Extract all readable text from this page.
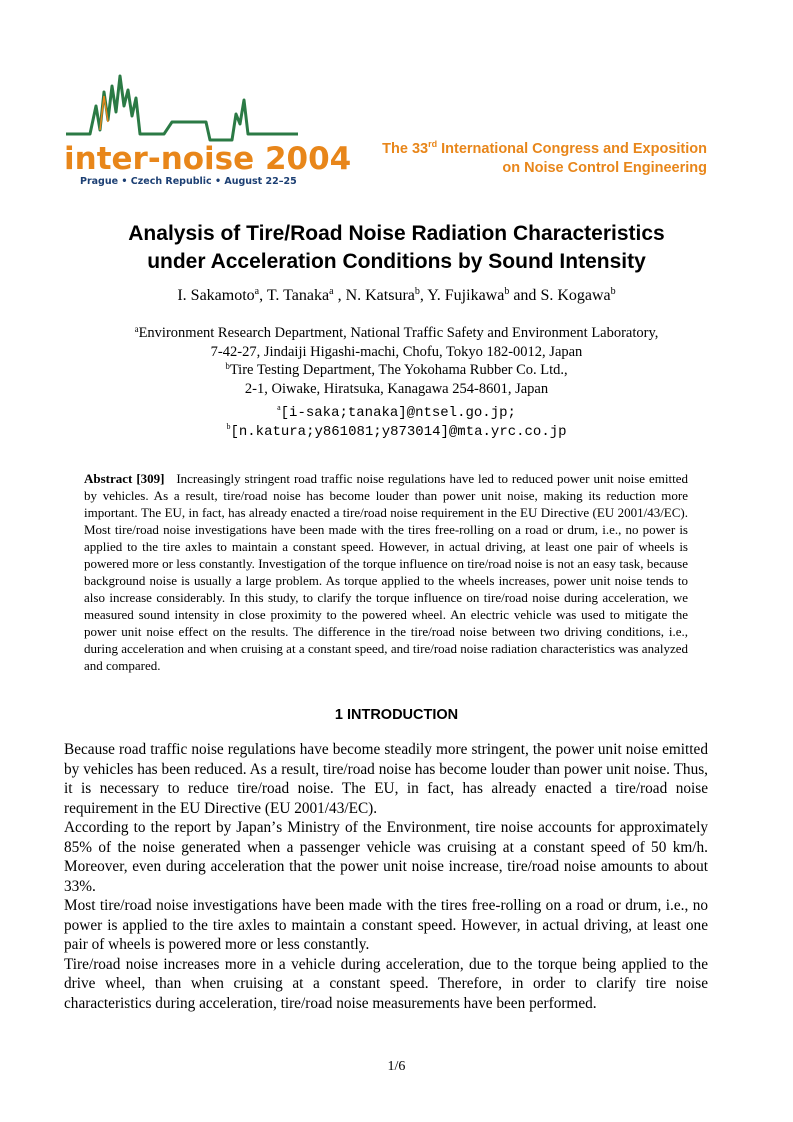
inter-noise 2004
Prague • Czech Republic • August 22–25
The 33rd International Congress and Exposition
on Noise Control Engineering
Analysis of Tire/Road Noise Radiation Characteristics
under Acceleration Conditions by Sound Intensity
I. Sakamoto$^a$, T. Tanaka$^a$ , N. Katsura$^b$, Y. Fujikawa$^b$ and S. Kogawa$^b$
$^a$Environment Research Department, National Traffic Safety and Environment Laboratory,
7-42-27, Jindaiji Higashi-machi, Chofu, Tokyo 182-0012, Japan
$^b$Tire Testing Department, The Yokohama Rubber Co. Ltd.,
2-1, Oiwake, Hiratsuka, Kanagawa 254-8601, Japan
$^a$[i-saka;tanaka]@ntsel.go.jp;
$^b$[n.katura;y861081;y873014]@mta.yrc.co.jp
Abstract [309] Increasingly stringent road traffic noise regulations have led to reduced power unit noise emitted by vehicles. As a result, tire/road noise has become louder than power unit noise, making its reduction more important. The EU, in fact, has already enacted a tire/road noise requirement in the EU Directive (EU 2001/43/EC). Most tire/road noise investigations have been made with the tires free-rolling on a road or drum, i.e., no power is applied to the tire axles to maintain a constant speed. However, in actual driving, at least one pair of wheels is powered more or less constantly. Investigation of the torque influence on tire/road noise is not an easy task, because background noise is usually a large problem. As torque applied to the wheels increases, power unit noise tends to also increase considerably. In this study, to clarify the torque influence on tire/road noise during acceleration, we measured sound intensity in close proximity to the powered wheel. An electric vehicle was used to mitigate the power unit noise effect on the results. The difference in the tire/road noise between two driving conditions, i.e., during acceleration and when cruising at a constant speed, and tire/road noise radiation characteristics was analyzed and compared.
1 INTRODUCTION

Because road traffic noise regulations have become steadily more stringent, the power unit noise emitted by vehicles has been reduced. As a result, tire/road noise has become louder than power unit noise. Thus, it is necessary to reduce tire/road noise. The EU, in fact, has already enacted a tire/road noise requirement in the EU Directive (EU 2001/43/EC).

According to the report by Japanʼs Ministry of the Environment, tire noise accounts for approximately 85% of the noise generated when a passenger vehicle was cruising at a constant speed of 50 km/h. Moreover, even during acceleration that the power unit noise increase, tire/road noise amounts to about 33%.

Most tire/road noise investigations have been made with the tires free-rolling on a road or drum, i.e., no power is applied to the tire axles to maintain a constant speed. However, in actual driving, at least one pair of wheels is powered more or less constantly.

Tire/road noise increases more in a vehicle during acceleration, due to the torque being applied to the drive wheel, than when cruising at a constant speed. Therefore, in order to clarify tire noise characteristics during acceleration, tire/road noise measurements have been performed.

1/6
